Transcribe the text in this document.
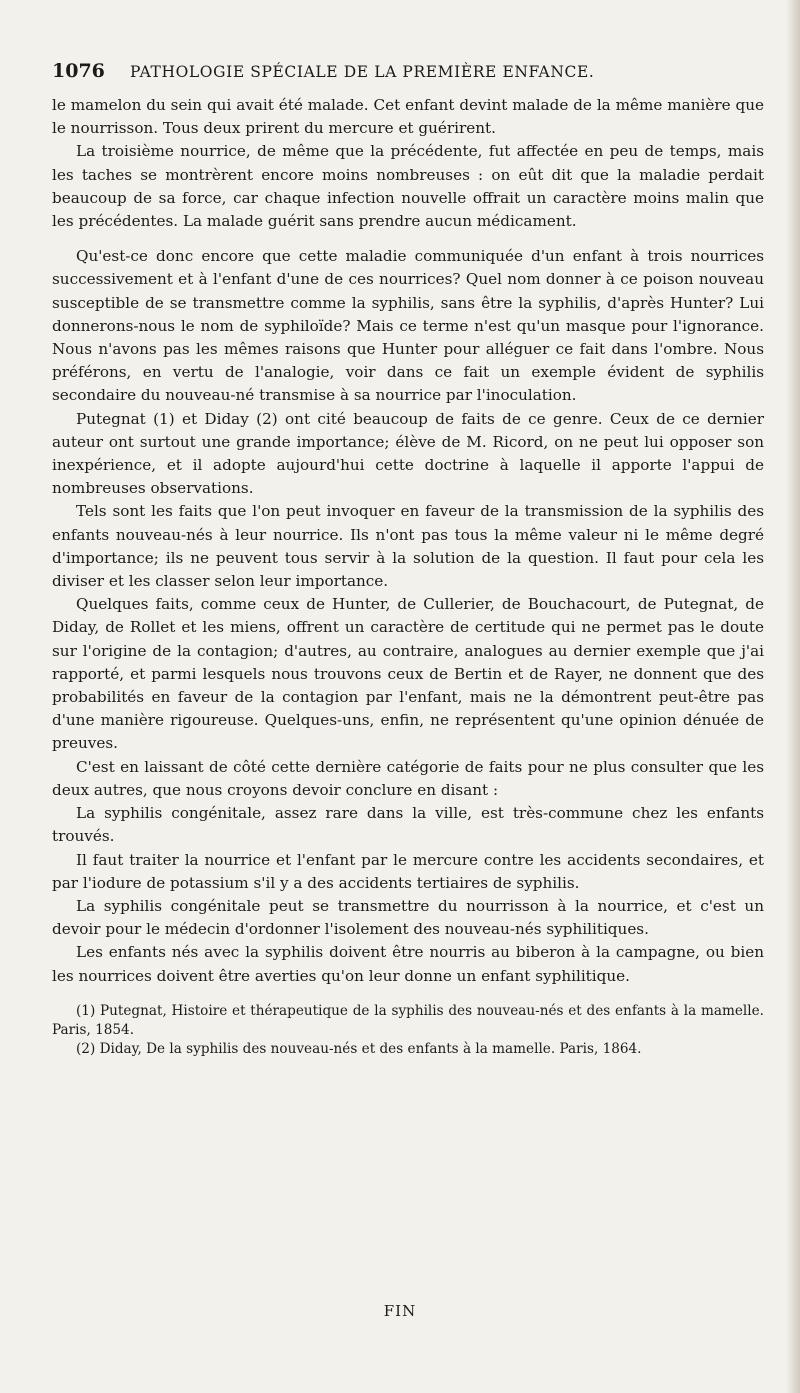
1076	PATHOLOGIE SPÉCIALE DE LA PREMIÈRE ENFANCE.

le mamelon du sein qui avait été malade. Cet enfant devint malade de la même manière que le nourrisson. Tous deux prirent du mercure et guérirent.

La troisième nourrice, de même que la précédente, fut affectée en peu de temps, mais les taches se montrèrent encore moins nombreuses : on eût dit que la maladie perdait beaucoup de sa force, car chaque infection nouvelle offrait un caractère moins malin que les précédentes. La malade guérit sans prendre aucun médicament.

Qu'est-ce donc encore que cette maladie communiquée d'un enfant à trois nourrices successivement et à l'enfant d'une de ces nourrices? Quel nom donner à ce poison nouveau susceptible de se transmettre comme la syphilis, sans être la syphilis, d'après Hunter? Lui donnerons-nous le nom de syphiloïde? Mais ce terme n'est qu'un masque pour l'ignorance. Nous n'avons pas les mêmes raisons que Hunter pour alléguer ce fait dans l'ombre. Nous préférons, en vertu de l'analogie, voir dans ce fait un exemple évident de syphilis secondaire du nouveau-né transmise à sa nourrice par l'inoculation.

Putegnat (1) et Diday (2) ont cité beaucoup de faits de ce genre. Ceux de ce dernier auteur ont surtout une grande importance; élève de M. Ricord, on ne peut lui opposer son inexpérience, et il adopte aujourd'hui cette doctrine à laquelle il apporte l'appui de nombreuses observations.

Tels sont les faits que l'on peut invoquer en faveur de la transmission de la syphilis des enfants nouveau-nés à leur nourrice. Ils n'ont pas tous la même valeur ni le même degré d'importance; ils ne peuvent tous servir à la solution de la question. Il faut pour cela les diviser et les classer selon leur importance.

Quelques faits, comme ceux de Hunter, de Cullerier, de Bouchacourt, de Putegnat, de Diday, de Rollet et les miens, offrent un caractère de certitude qui ne permet pas le doute sur l'origine de la contagion; d'autres, au contraire, analogues au dernier exemple que j'ai rapporté, et parmi lesquels nous trouvons ceux de Bertin et de Rayer, ne donnent que des probabilités en faveur de la contagion par l'enfant, mais ne la démontrent peut-être pas d'une manière rigoureuse. Quelques-uns, enfin, ne représentent qu'une opinion dénuée de preuves.

C'est en laissant de côté cette dernière catégorie de faits pour ne plus consulter que les deux autres, que nous croyons devoir conclure en disant :

La syphilis congénitale, assez rare dans la ville, est très-commune chez les enfants trouvés.

Il faut traiter la nourrice et l'enfant par le mercure contre les accidents secondaires, et par l'iodure de potassium s'il y a des accidents tertiaires de syphilis.

La syphilis congénitale peut se transmettre du nourrisson à la nourrice, et c'est un devoir pour le médecin d'ordonner l'isolement des nouveau-nés syphilitiques.

Les enfants nés avec la syphilis doivent être nourris au biberon à la campagne, ou bien les nourrices doivent être averties qu'on leur donne un enfant syphilitique.

(1) Putegnat, Histoire et thérapeutique de la syphilis des nouveau-nés et des enfants à la mamelle. Paris, 1854.

(2) Diday, De la syphilis des nouveau-nés et des enfants à la mamelle. Paris, 1864.

FIN
